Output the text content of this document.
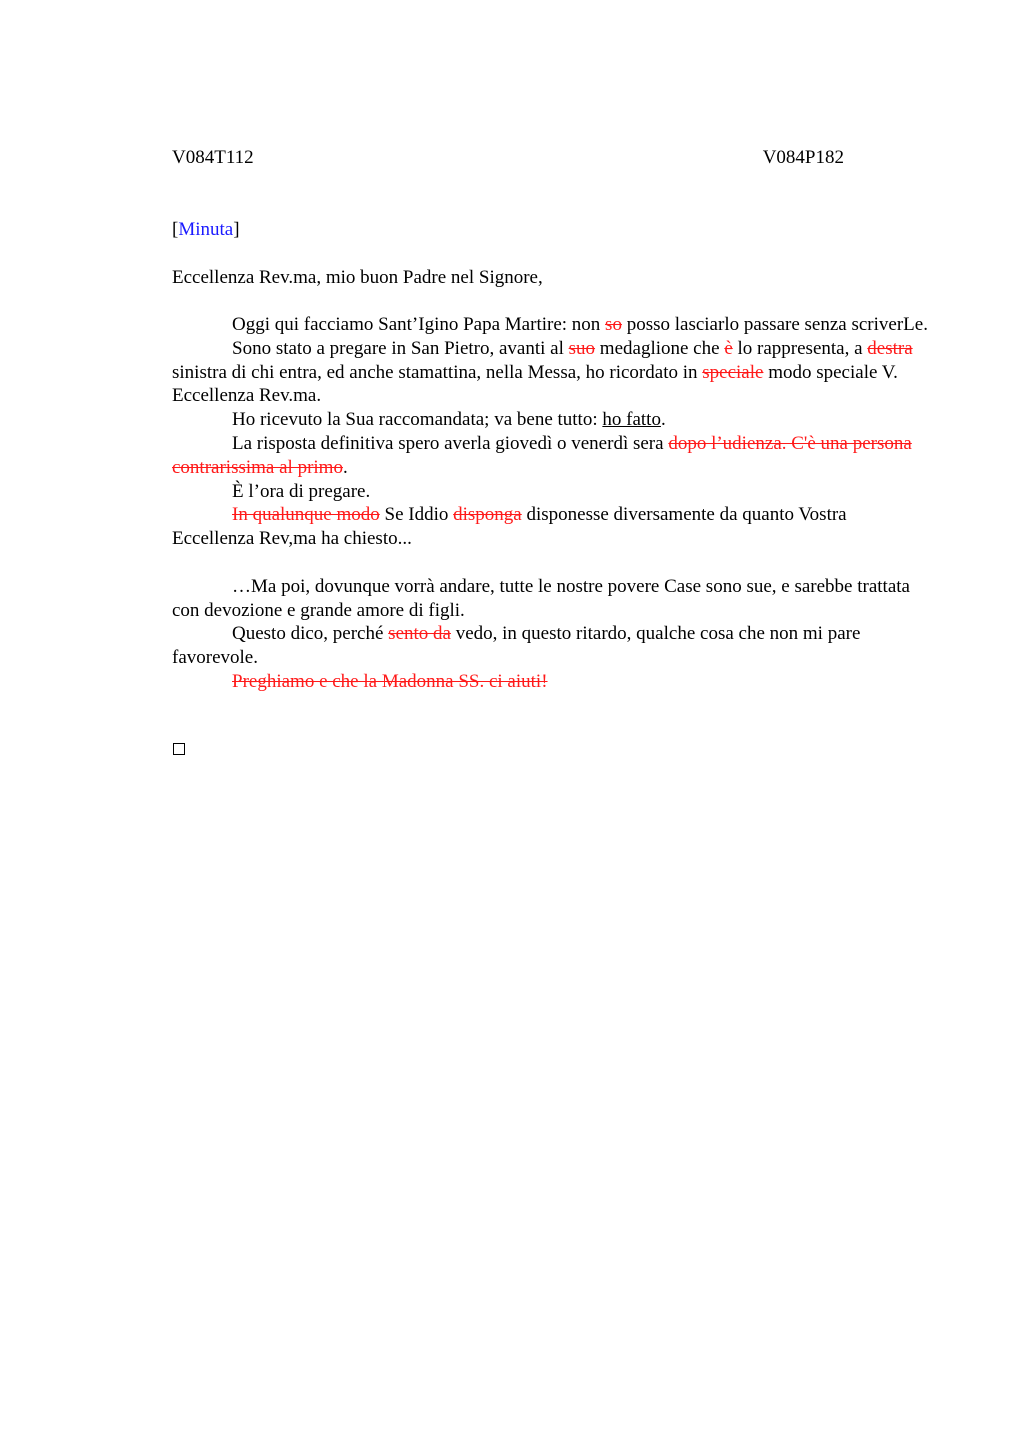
V084T112	V084P182
[Minuta]
Eccellenza Rev.ma, mio buon Padre nel Signore,

Oggi qui facciamo Sant’Igino Papa Martire: non so posso lasciarlo passare senza scriverLe.

Sono stato a pregare in San Pietro, avanti al suo medaglione che è lo rappresenta, a destra sinistra di chi entra, ed anche stamattina, nella Messa, ho ricordato in speciale modo speciale V. Eccellenza Rev.ma.

Ho ricevuto la Sua raccomandata; va bene tutto: ho fatto.

La risposta definitiva spero averla giovedì o venerdì sera dopo l’udienza. C'è una persona contrarissima al primo.

È l’ora di pregare.

In qualunque modo Se Iddio disponga disponesse diversamente da quanto Vostra Eccellenza Rev,ma ha chiesto...

…Ma poi, dovunque vorrà andare, tutte le nostre povere Case sono sue, e sarebbe trattata con devozione e grande amore di figli.

Questo dico, perché sento da vedo, in questo ritardo, qualche cosa che non mi pare favorevole.

Preghiamo e che la Madonna SS. ci aiuti!
